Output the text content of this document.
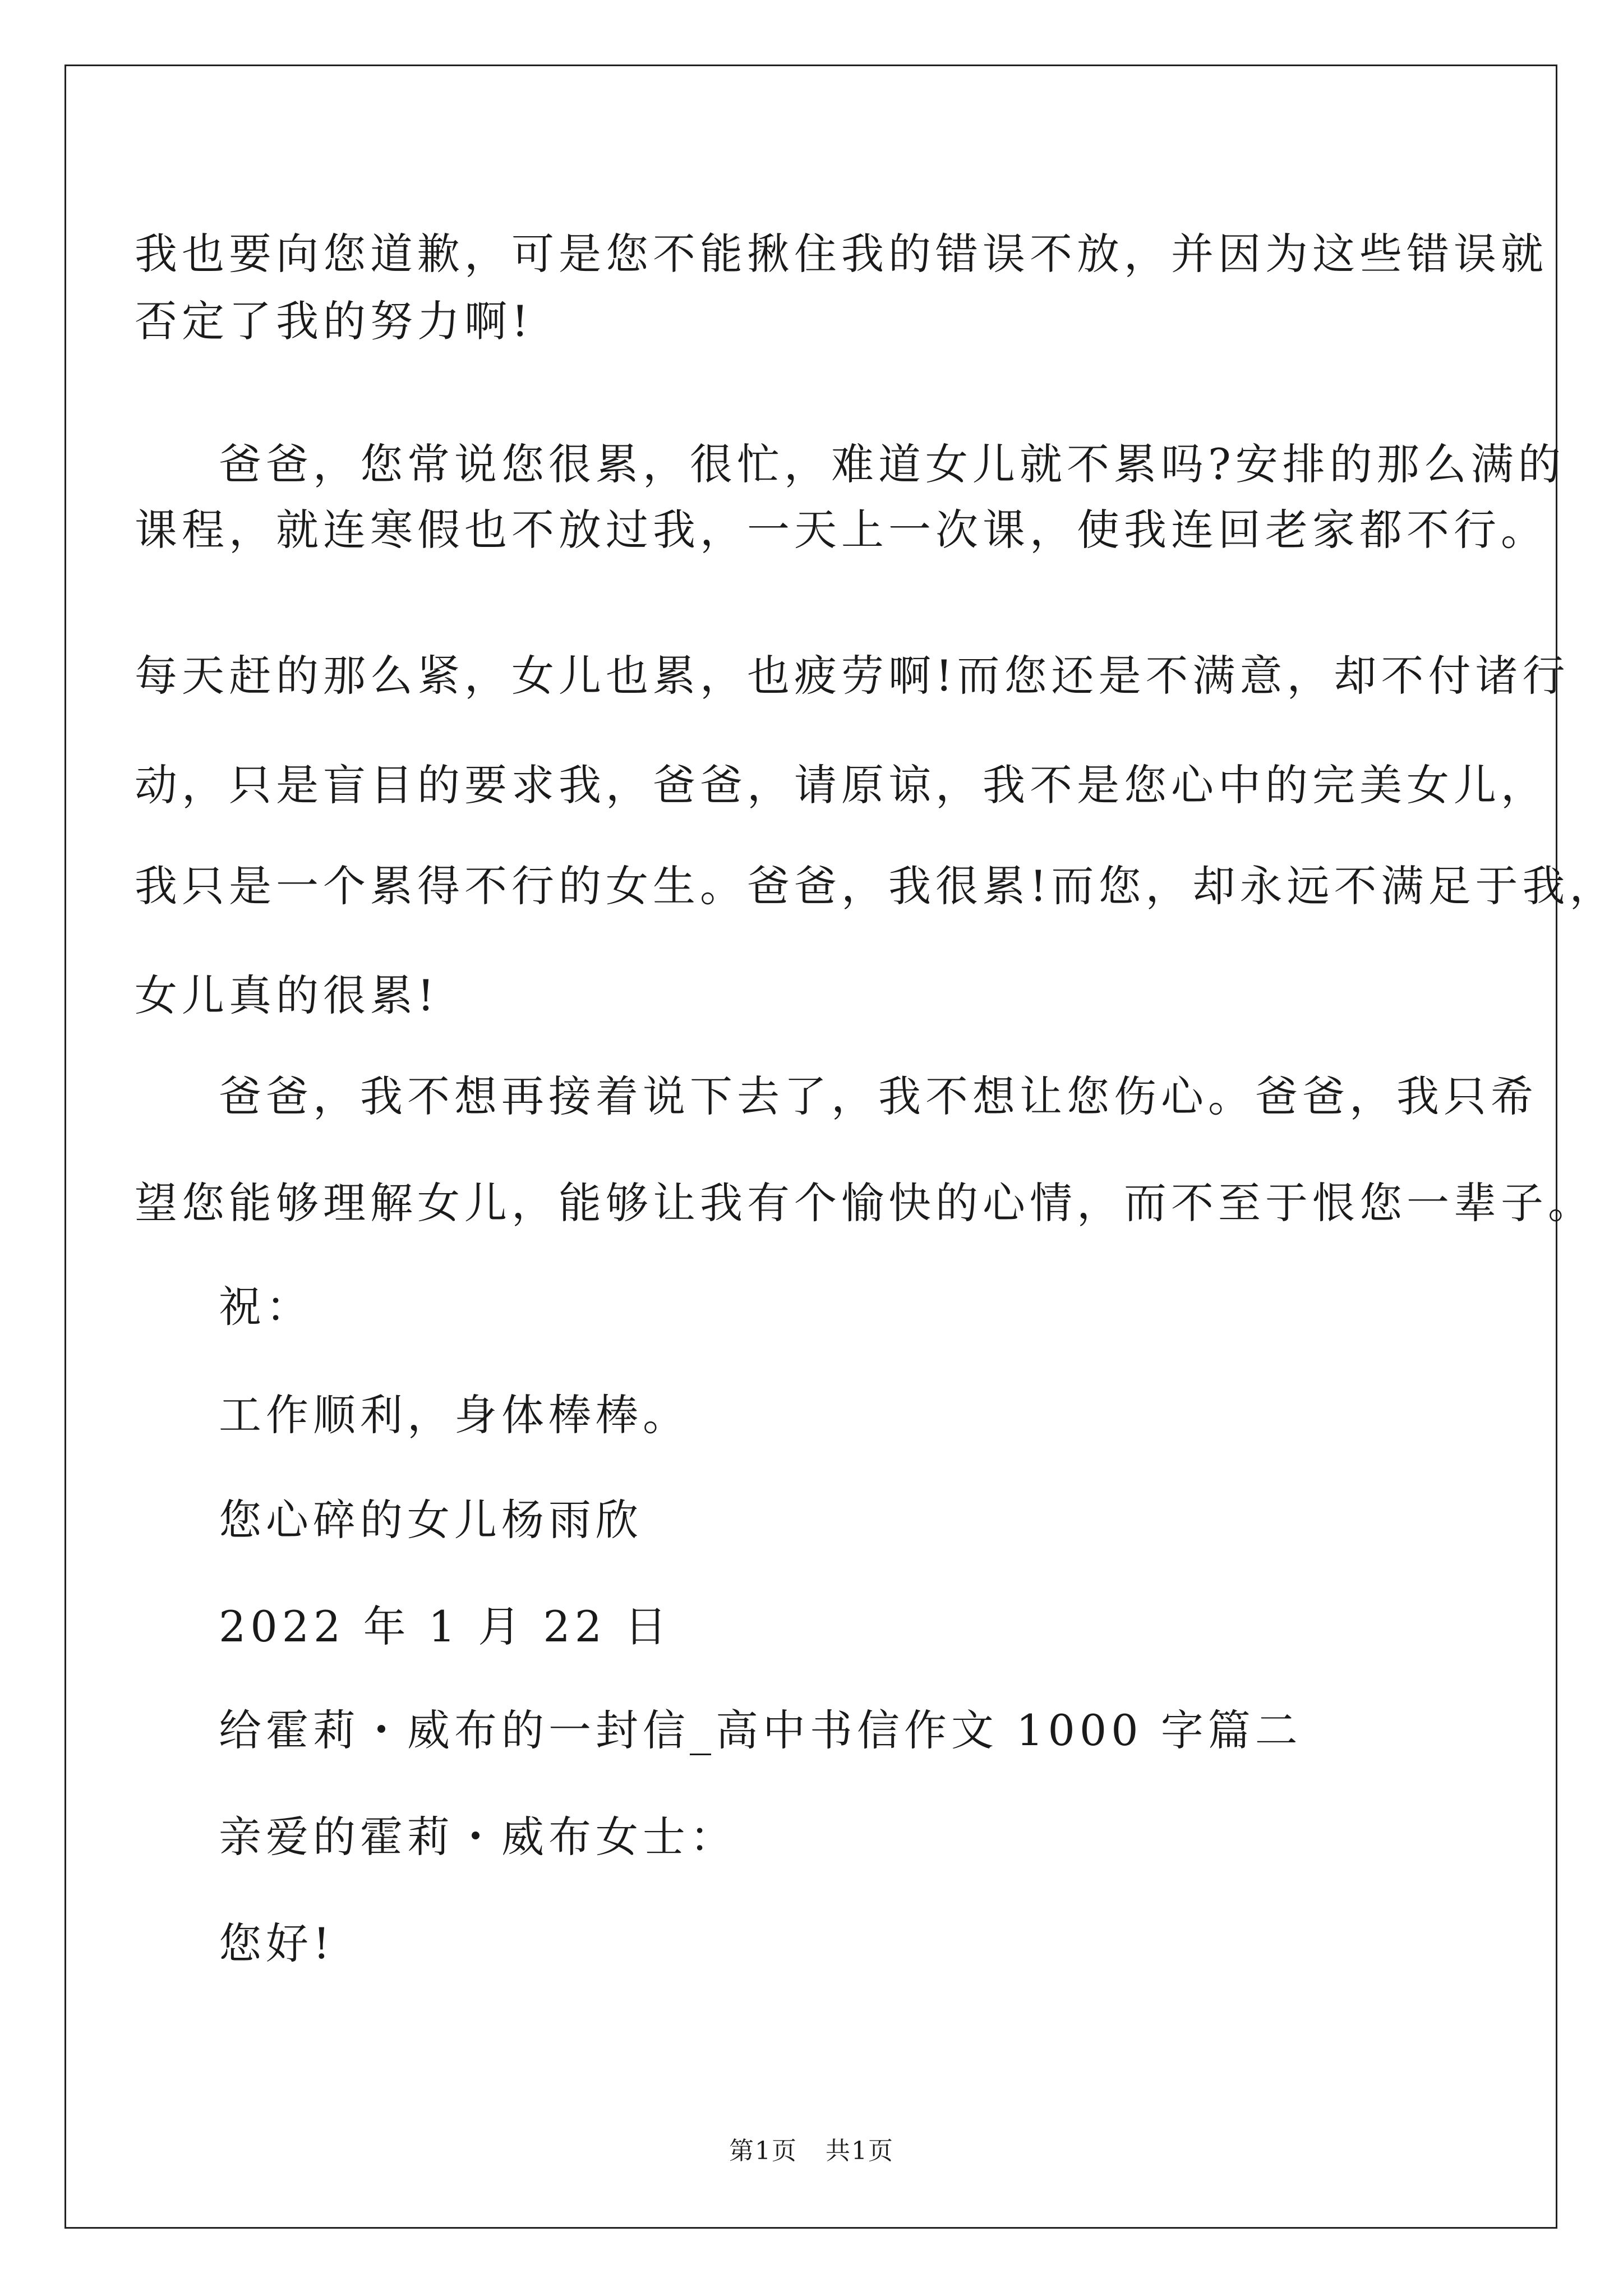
我也要向您道歉，可是您不能揪住我的错误不放，并因为这些错误就
否定了我的努力啊!
爸爸，您常说您很累，很忙，难道女儿就不累吗?安排的那么满的
课程，就连寒假也不放过我，一天上一次课，使我连回老家都不行。
每天赶的那么紧，女儿也累，也疲劳啊!而您还是不满意，却不付诸行
动，只是盲目的要求我，爸爸，请原谅，我不是您心中的完美女儿，
我只是一个累得不行的女生。爸爸，我很累!而您，却永远不满足于我，
女儿真的很累!
爸爸，我不想再接着说下去了，我不想让您伤心。爸爸，我只希
望您能够理解女儿，能够让我有个愉快的心情，而不至于恨您一辈子。
祝：
工作顺利，身体棒棒。
您心碎的女儿杨雨欣
2022 年 1 月 22 日
给霍莉・威布的一封信_高中书信作文 1000 字篇二
亲爱的霍莉・威布女士：
您好!
第1页 共1页
